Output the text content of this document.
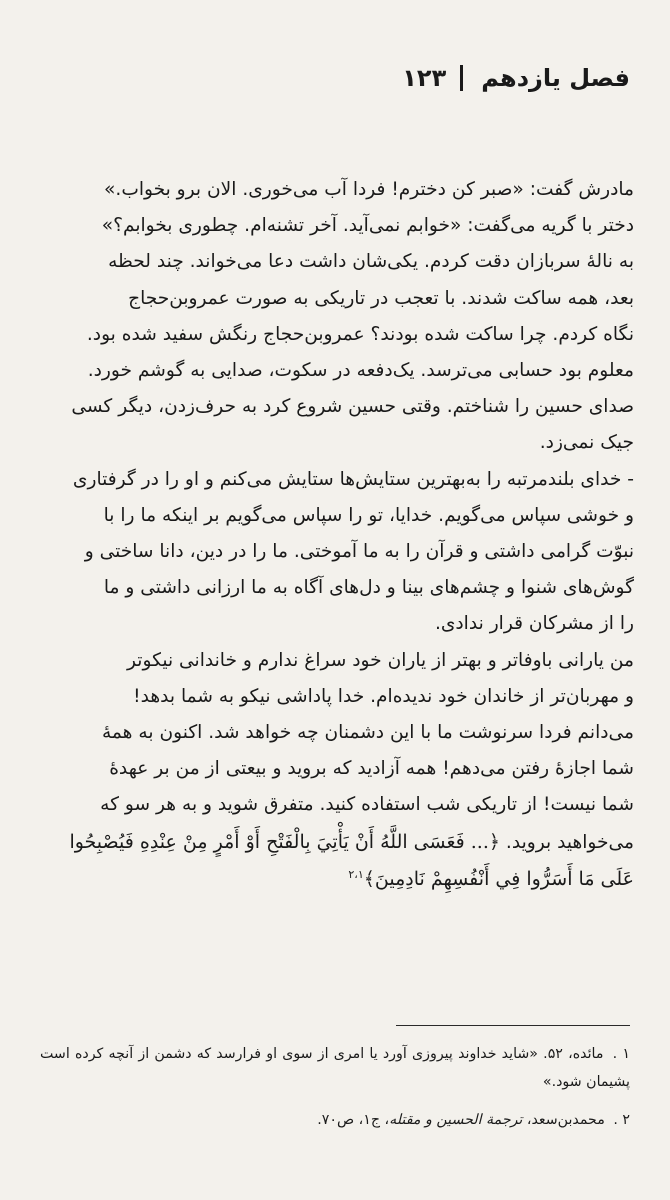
فصل یازدهم
۱۲۳

مادرش گفت: «صبر کن دخترم! فردا آب می‌خوری. الان برو بخواب.»

دختر با گریه می‌گفت: «خوابم نمی‌آید. آخر تشنه‌ام. چطوری بخوابم؟»

به نالهٔ سربازان دقت کردم. یکی‌شان داشت دعا می‌خواند. چند لحظه

بعد، همه ساکت شدند. با تعجب در تاریکی به صورت عمروبن‌حجاج

نگاه کردم. چرا ساکت شده بودند؟ عمروبن‌حجاج رنگش سفید شده بود.

معلوم بود حسابی می‌ترسد. یک‌دفعه در سکوت، صدایی به گوشم خورد.

صدای حسین را شناختم. وقتی حسین شروع کرد به حرف‌زدن، دیگر کسی

جیک نمی‌زد.

- خدای بلندمرتبه را به‌بهترین ستایش‌ها ستایش می‌کنم و او را در گرفتاری

و خوشی سپاس می‌گویم. خدایا، تو را سپاس می‌گویم بر اینکه ما را با

نبوّت گرامی داشتی و قرآن را به ما آموختی. ما را در دین، دانا ساختی و

گوش‌های شنوا و چشم‌های بینا و دل‌های آگاه به ما ارزانی داشتی و ما

را از مشرکان قرار ندادی.

من یارانی باوفاتر و بهتر از یاران خود سراغ ندارم و خاندانی نیکوتر

و مهربان‌تر از خاندان خود ندیده‌ام. خدا پاداشی نیکو به شما بدهد!

می‌دانم فردا سرنوشت ما با این دشمنان چه خواهد شد. اکنون به همهٔ

شما اجازهٔ رفتن می‌دهم! همه آزادید که بروید و بیعتی از من بر عهدهٔ

شما نیست! از تاریکی شب استفاده کنید. متفرق شوید و به هر سو که

می‌خواهید بروید. ﴿... فَعَسَى اللَّهُ أَنْ يَأْتِيَ بِالْفَتْحِ أَوْ أَمْرٍ مِنْ عِنْدِهِ فَيُصْبِحُوا

عَلَى مَا أَسَرُّوا فِي أَنْفُسِهِمْ نَادِمِينَ﴾$^{۲،۱}$

۱ . مائده، ۵۲. «شاید خداوند پیروزی آورد یا امری از سوی او فرارسد که دشمن از آنچه کرده است پشیمان شود.»

۲ . محمدبن‌سعد، ترجمة الحسین و مقتله، ج۱، ص۷۰.
